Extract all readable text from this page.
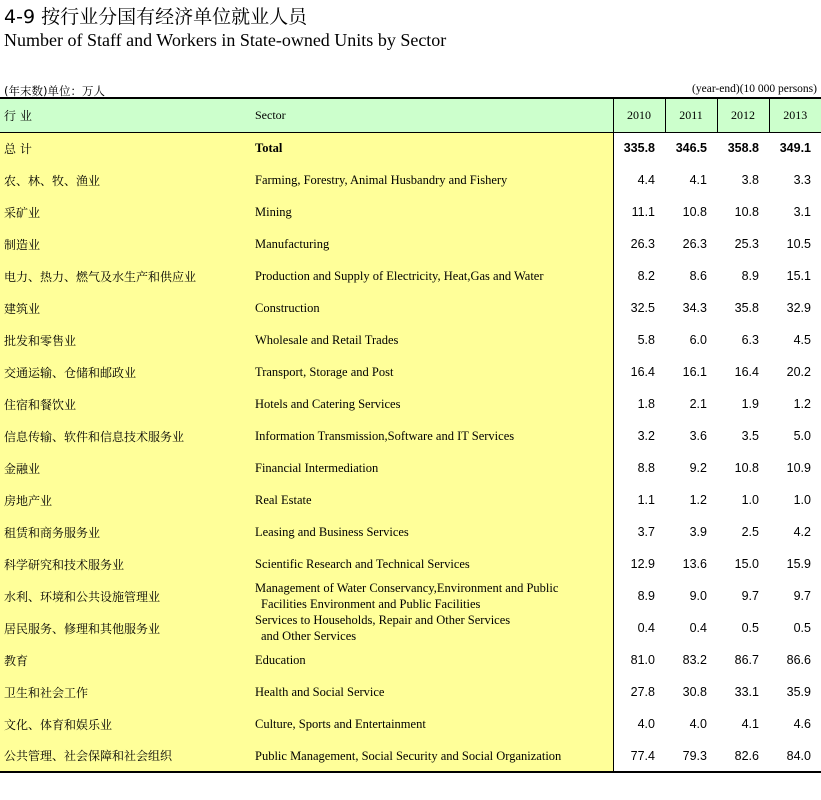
4-9 按行业分国有经济单位就业人员
Number of Staff and Workers in State-owned Units by Sector
(年末数)单位：万人	(year-end)(10 000 persons)
行 业	Sector	2010	2011	2012	2013
总 计	Total	335.8	346.5	358.8	349.1
农、林、牧、渔业	Farming, Forestry, Animal Husbandry and Fishery	4.4	4.1	3.8	3.3
采矿业	Mining	11.1	10.8	10.8	3.1
制造业	Manufacturing	26.3	26.3	25.3	10.5
电力、热力、燃气及水生产和供应业	Production and Supply of Electricity, Heat,Gas and Water	8.2	8.6	8.9	15.1
建筑业	Construction	32.5	34.3	35.8	32.9
批发和零售业	Wholesale and Retail Trades	5.8	6.0	6.3	4.5
交通运输、仓储和邮政业	Transport, Storage and Post	16.4	16.1	16.4	20.2
住宿和餐饮业	Hotels and Catering Services	1.8	2.1	1.9	1.2
信息传输、软件和信息技术服务业	Information Transmission,Software and IT Services	3.2	3.6	3.5	5.0
金融业	Financial Intermediation	8.8	9.2	10.8	10.9
房地产业	Real Estate	1.1	1.2	1.0	1.0
租赁和商务服务业	Leasing and Business Services	3.7	3.9	2.5	4.2
科学研究和技术服务业	Scientific Research and Technical Services	12.9	13.6	15.0	15.9
水利、环境和公共设施管理业	Management of Water Conservancy,Environment and Public
Facilities Environment and Public Facilities	8.9	9.0	9.7	9.7
居民服务、修理和其他服务业	Services to Households, Repair and Other Services
and Other Services	0.4	0.4	0.5	0.5
教育	Education	81.0	83.2	86.7	86.6
卫生和社会工作	Health and Social Service	27.8	30.8	33.1	35.9
文化、体育和娱乐业	Culture, Sports and Entertainment	4.0	4.0	4.1	4.6
公共管理、社会保障和社会组织	Public Management, Social Security and Social Organization	77.4	79.3	82.6	84.0
